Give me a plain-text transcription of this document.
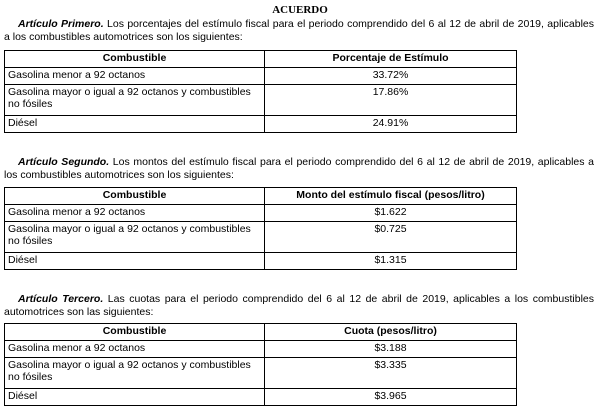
ACUERDO
Artículo Primero. Los porcentajes del estímulo fiscal para el periodo comprendido del 6 al 12 de abril de 2019, aplicables a los combustibles automotrices son los siguientes:
Combustible	Porcentaje de Estímulo
Gasolina menor a 92 octanos	33.72%
Gasolina mayor o igual a 92 octanos y combustibles no fósiles	17.86%
Diésel	24.91%
Artículo Segundo. Los montos del estímulo fiscal para el periodo comprendido del 6 al 12 de abril de 2019, aplicables a los combustibles automotrices son los siguientes:
Combustible	Monto del estímulo fiscal (pesos/litro)
Gasolina menor a 92 octanos	$1.622
Gasolina mayor o igual a 92 octanos y combustibles no fósiles	$0.725
Diésel	$1.315
Artículo Tercero. Las cuotas para el periodo comprendido del 6 al 12 de abril de 2019, aplicables a los combustibles automotrices son las siguientes:
Combustible	Cuota (pesos/litro)
Gasolina menor a 92 octanos	$3.188
Gasolina mayor o igual a 92 octanos y combustibles no fósiles	$3.335
Diésel	$3.965
